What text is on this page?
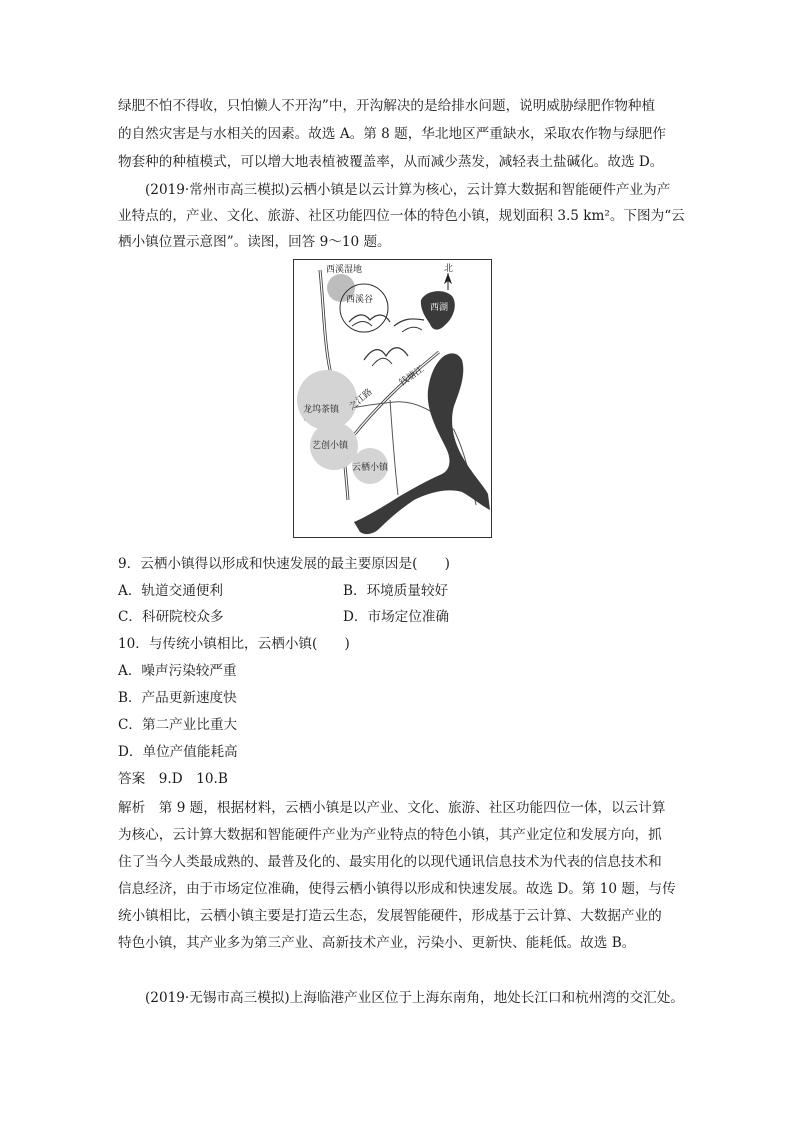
绿肥不怕不得收，只怕懒人不开沟”中，开沟解决的是给排水问题，说明威胁绿肥作物种植
的自然灾害是与水相关的因素。故选 A。第 8 题，华北地区严重缺水，采取农作物与绿肥作
物套种的种植模式，可以增大地表植被覆盖率，从而减少蒸发，减轻表土盐碱化。故选 D。
(2019·常州市高三模拟)云栖小镇是以云计算为核心，云计算大数据和智能硬件产业为产
业特点的，产业、文化、旅游、社区功能四位一体的特色小镇，规划面积 3.5 km²。下图为“云
栖小镇位置示意图”。读图，回答 9～10 题。
西溪湿地
西溪谷
西湖
北
龙坞茶镇
艺创小镇
云栖小镇
之江路
钱塘江
9．云栖小镇得以形成和快速发展的最主要原因是(　　)
A．轨道交通便利	B．环境质量较好
C．科研院校众多	D．市场定位准确
10．与传统小镇相比，云栖小镇(　　)
A．噪声污染较严重
B．产品更新速度快
C．第二产业比重大
D．单位产值能耗高
答案　9.D　10.B
解析　第 9 题，根据材料，云栖小镇是以产业、文化、旅游、社区功能四位一体，以云计算
为核心，云计算大数据和智能硬件产业为产业特点的特色小镇，其产业定位和发展方向，抓
住了当今人类最成熟的、最普及化的、最实用化的以现代通讯信息技术为代表的信息技术和
信息经济，由于市场定位准确，使得云栖小镇得以形成和快速发展。故选 D。第 10 题，与传
统小镇相比，云栖小镇主要是打造云生态，发展智能硬件，形成基于云计算、大数据产业的
特色小镇，其产业多为第三产业、高新技术产业，污染小、更新快、能耗低。故选 B。
(2019·无锡市高三模拟)上海临港产业区位于上海东南角，地处长江口和杭州湾的交汇处。
